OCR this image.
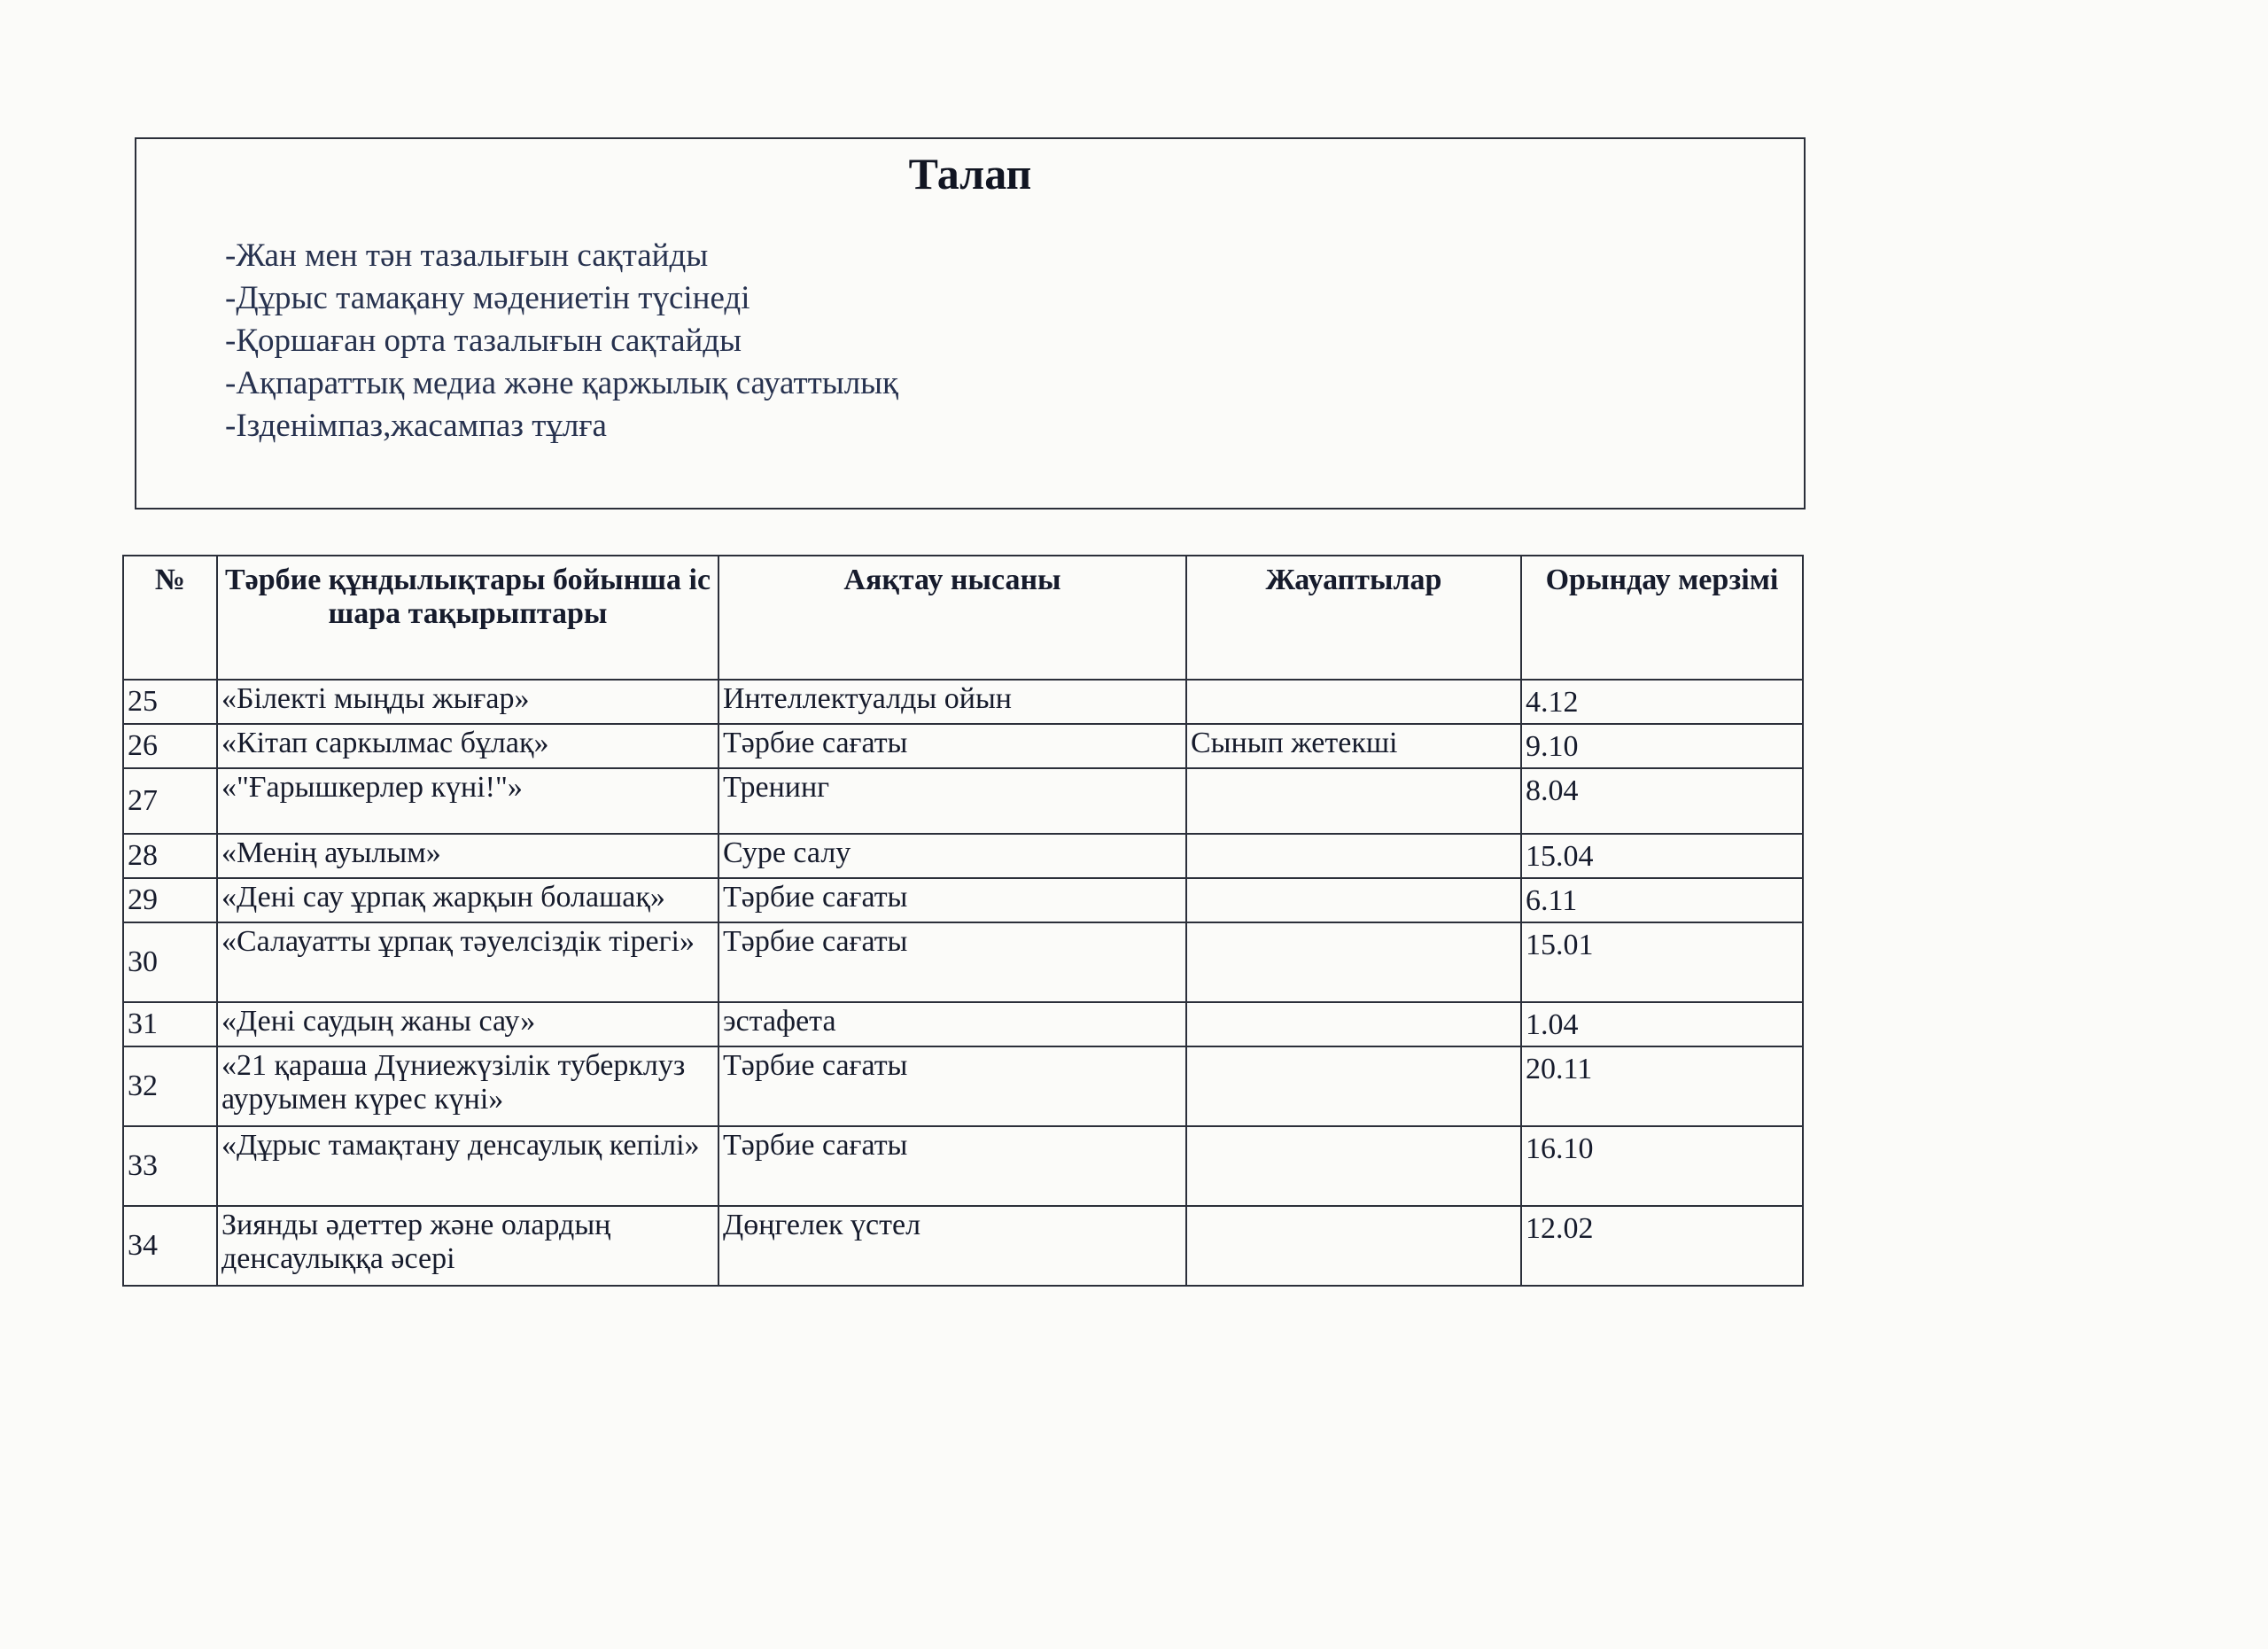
Талап
-Жан мен тән тазалығын сақтайды
-Дұрыс тамақану мәдениетін түсінеді
-Қоршаған орта тазалығын сақтайды
-Ақпараттық медиа және қаржылық сауаттылық
-Ізденімпаз,жасампаз тұлға
№	Тәрбие құндылықтары бойынша іс шара тақырыптары	Аяқтау нысаны	Жауаптылар	Орындау мерзімі
25	«Білекті мыңды жығар»	Интеллектуалды ойын		4.12
26	«Кітап саркылмас бұлақ»	Тәрбие сағаты	Сынып жетекші	9.10
27	«"Ғарышкерлер күні!"»	Тренинг		8.04
28	«Менің ауылым»	Суре салу		15.04
29	«Дені сау ұрпақ жарқын болашақ»	Тәрбие сағаты		6.11
30	«Салауатты ұрпақ тәуелсіздік тірегі»	Тәрбие сағаты		15.01
31	«Дені саудың жаны сау»	эстафета		1.04
32	«21 қараша Дүниежүзілік туберклуз ауруымен күрес күні»	Тәрбие сағаты		20.11
33	«Дұрыс тамақтану денсаулық кепілі»	Тәрбие сағаты		16.10
34	Зиянды әдеттер және олардың денсаулыққа әсері	Дөңгелек үстел		12.02
